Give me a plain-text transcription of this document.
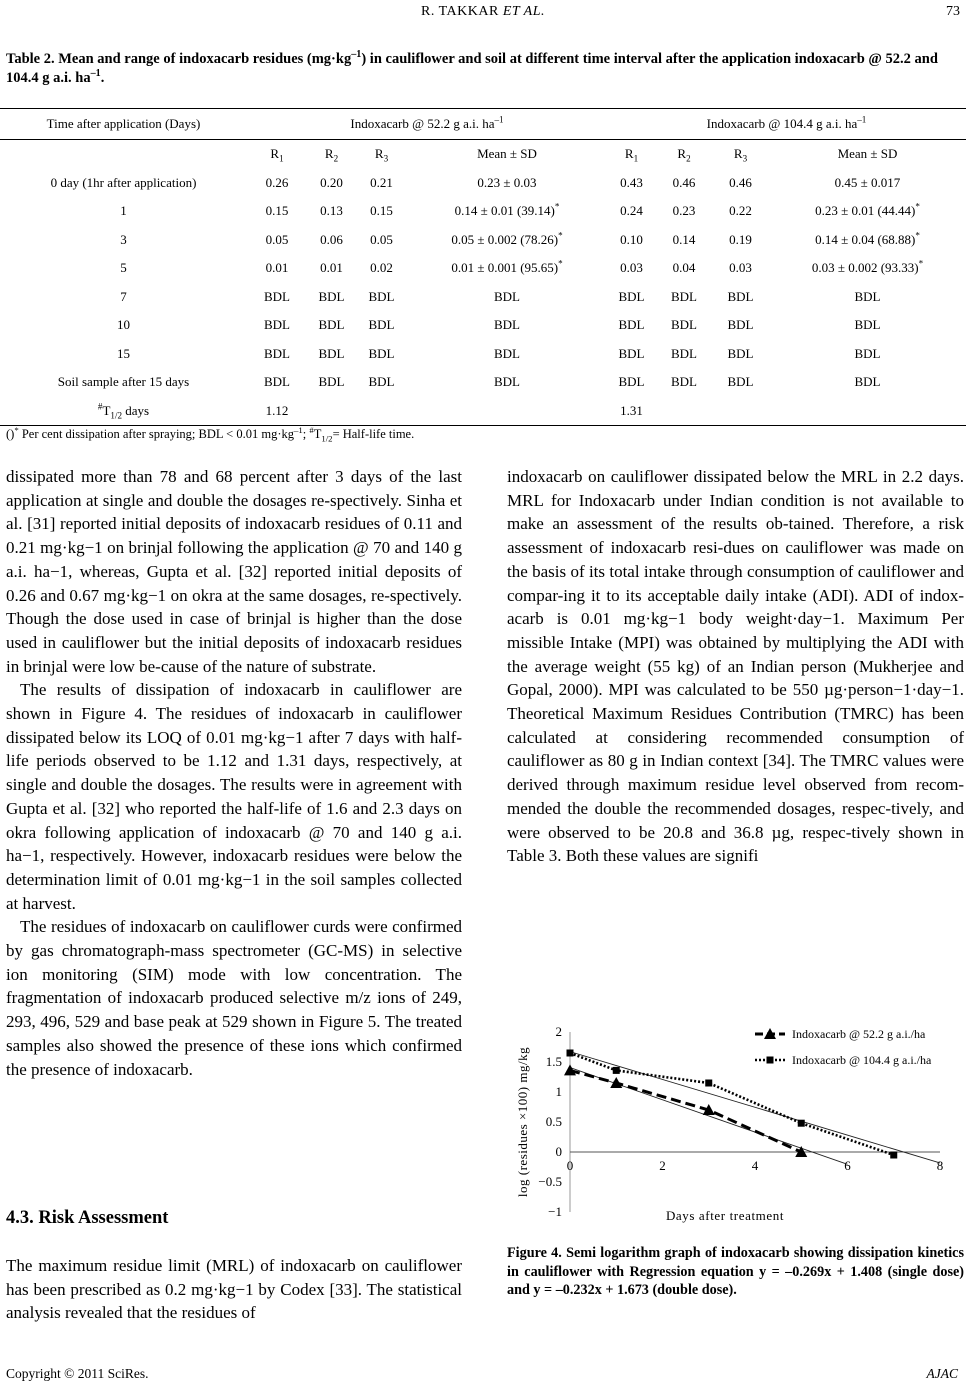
R. TAKKAR ET AL.	73
Table 2. Mean and range of indoxacarb residues $(mg\cdot kg^{-1})$ in cauliflower and soil at different time interval after the application indoxacarb @ 52.2 and 104.4 g a.i. $ha^{-1}$.
Time after application (Days)	Indoxacarb @ 52.2 g a.i. $ha^{-1}$				Indoxacarb @ 104.4 g a.i. $ha^{-1}$
	$R_1$	$R_2$	$R_3$	Mean ± SD	$R_1$	$R_2$	$R_3$	Mean ± SD
0 day (1hr after application)	0.26	0.20	0.21	0.23 ± 0.03	0.43	0.46	0.46	0.45 ± 0.017
1	0.15	0.13	0.15	0.14 ± 0.01 (39.14)*	0.24	0.23	0.22	0.23 ± 0.01 (44.44)*
3	0.05	0.06	0.05	0.05 ± 0.002 (78.26)*	0.10	0.14	0.19	0.14 ± 0.04 (68.88)*
5	0.01	0.01	0.02	0.01 ± 0.001 (95.65)*	0.03	0.04	0.03	0.03 ± 0.002 (93.33)*
7	BDL	BDL	BDL	BDL	BDL	BDL	BDL	BDL
10	BDL	BDL	BDL	BDL	BDL	BDL	BDL	BDL
15	BDL	BDL	BDL	BDL	BDL	BDL	BDL	BDL
Soil sample after 15 days	BDL	BDL	BDL	BDL	BDL	BDL	BDL	BDL
$^{\#}T_{1/2}$ days	1.12				1.31			
()* Per cent dissipation after spraying; BDL < 0.01 $mg\cdot kg^{-1}$; $^{\#}T_{1/2}=$ Half-life time.

dissipated more than 78 and 68 percent after 3 days of the last application at single and double the dosages re-spectively. Sinha et al. [31] reported initial deposits of indoxacarb residues of 0.11 and 0.21 mg·kg−1 on brinjal following the application @ 70 and 140 g a.i. ha−1, whereas, Gupta et al. [32] reported initial deposits of 0.26 and 0.67 mg·kg−1 on okra at the same dosages, re-spectively. Though the dose used in case of brinjal is higher than the dose used in cauliflower but the initial deposits of indoxacarb residues in brinjal were low be-cause of the nature of substrate.

The results of dissipation of indoxacarb in cauliflower are shown in Figure 4. The residues of indoxacarb in cauliflower dissipated below its LOQ of 0.01 mg·kg−1 after 7 days with half-life periods observed to be 1.12 and 1.31 days, respectively, at single and double the dosages. The results were in agreement with Gupta et al. [32] who reported the half-life of 1.6 and 2.3 days on okra following application of indoxacarb @ 70 and 140 g a.i. ha−1, respectively. However, indoxacarb residues were below the determination limit of 0.01 mg·kg−1 in the soil samples collected at harvest.

The residues of indoxacarb on cauliflower curds were confirmed by gas chromatograph-mass spectrometer (GC-MS) in selective ion monitoring (SIM) mode with low concentration. The fragmentation of indoxacarb produced selective m/z ions of 249, 293, 496, 529 and base peak at 529 shown in Figure 5. The treated samples also showed the presence of these ions which confirmed the presence of indoxacarb.

4.3. Risk Assessment
The maximum residue limit (MRL) of indoxacarb on cauliflower has been prescribed as 0.2 mg·kg−1 by Codex [33]. The statistical analysis revealed that the residues of

indoxacarb on cauliflower dissipated below the MRL in 2.2 days. MRL for Indoxacarb under Indian condition is not available to make an assessment of the results ob-tained. Therefore, a risk assessment of indoxacarb resi-dues on cauliflower was made on the basis of its total intake through consumption of cauliflower and compar-ing it to its acceptable daily intake (ADI). ADI of indox-acarb is 0.01 mg·kg−1 body weight·day−1. Maximum Per missible Intake (MPI) was obtained by multiplying the ADI with the average weight (55 kg) of an Indian person (Mukherjee and Gopal, 2000). MPI was calculated to be 550 µg·person−1·day−1. Theoretical Maximum Residues Contribution (TMRC) has been calculated at considering recommended consumption of cauliflower as 80 g in Indian context [34]. The TMRC values were derived through maximum residue level observed from recom-mended the double the recommended dosages, respec-tively, and were observed to be 20.8 and 36.8 µg, respec-tively shown in Table 3. Both these values are signifi

2
1.5
1
0.5
0
−0.5
−1
0	2	4	6	8
Days after treatment
log (residues ×100) mg/kg
Indoxacarb @ 52.2 g a.i./ha
Indoxacarb @ 104.4 g a.i./ha
Figure 4. Semi logarithm graph of indoxacarb showing dissipation kinetics in cauliflower with Regression equation y = –0.269x + 1.408 (single dose) and y = –0.232x + 1.673 (double dose).
Copyright © 2011 SciRes.	AJAC
